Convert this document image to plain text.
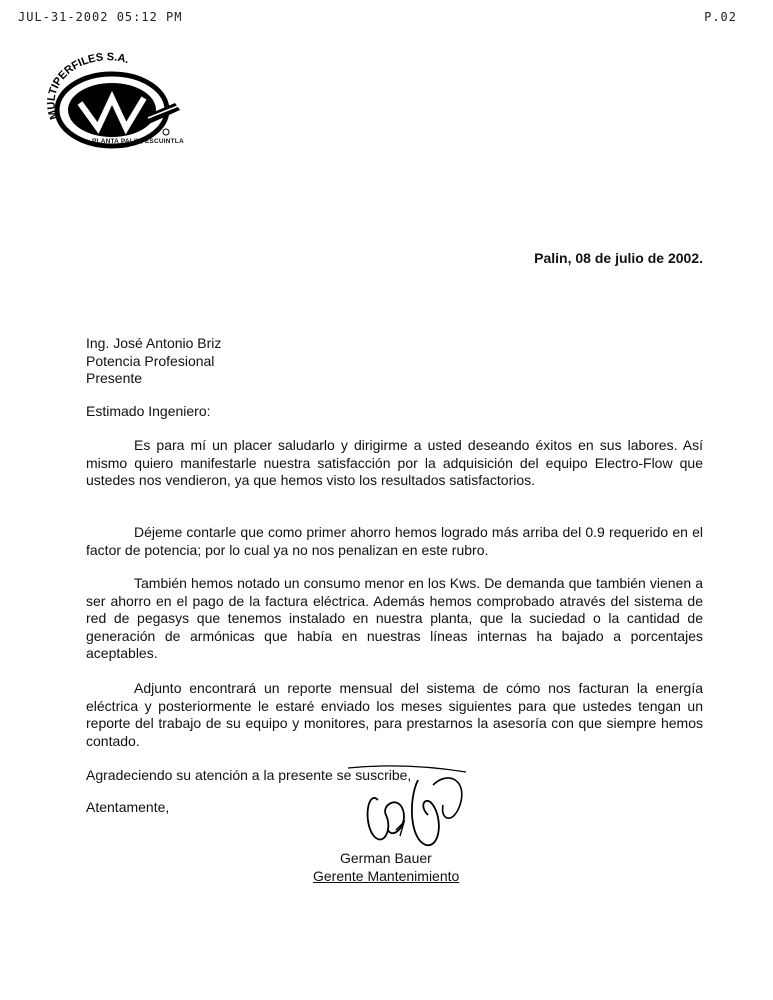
JUL-31-2002 05:12 PM	P.02
MULTIPERFILES S.A.
PLANTA PALIN, ESCUINTLA
Palin, 08 de julio de 2002.
Ing. José Antonio Briz
Potencia Profesional
Presente
Estimado Ingeniero:

Es para mí un placer saludarlo y dirigirme a usted deseando éxitos en sus labores. Así mismo quiero manifestarle nuestra satisfacción por la adquisición del equipo Electro-Flow que ustedes nos vendieron, ya que hemos visto los resultados satisfactorios.

Déjeme contarle que como primer ahorro hemos logrado más arriba del 0.9 requerido en el factor de potencia; por lo cual ya no nos penalizan en este rubro.

También hemos notado un consumo menor en los Kws. De demanda que también vienen a ser ahorro en el pago de la factura eléctrica. Además hemos comprobado através del sistema de red de pegasys que tenemos instalado en nuestra planta, que la suciedad o la cantidad de generación de armónicas que había en nuestras líneas internas ha bajado a porcentajes aceptables.

Adjunto encontrará un reporte mensual del sistema de cómo nos facturan la energía eléctrica y posteriormente le estaré enviado los meses siguientes para que ustedes tengan un reporte del trabajo de su equipo y monitores, para prestarnos la asesoría con que siempre hemos contado.

Agradeciendo su atención a la presente se suscribe,
Atentamente,
German Bauer
Gerente Mantenimiento
